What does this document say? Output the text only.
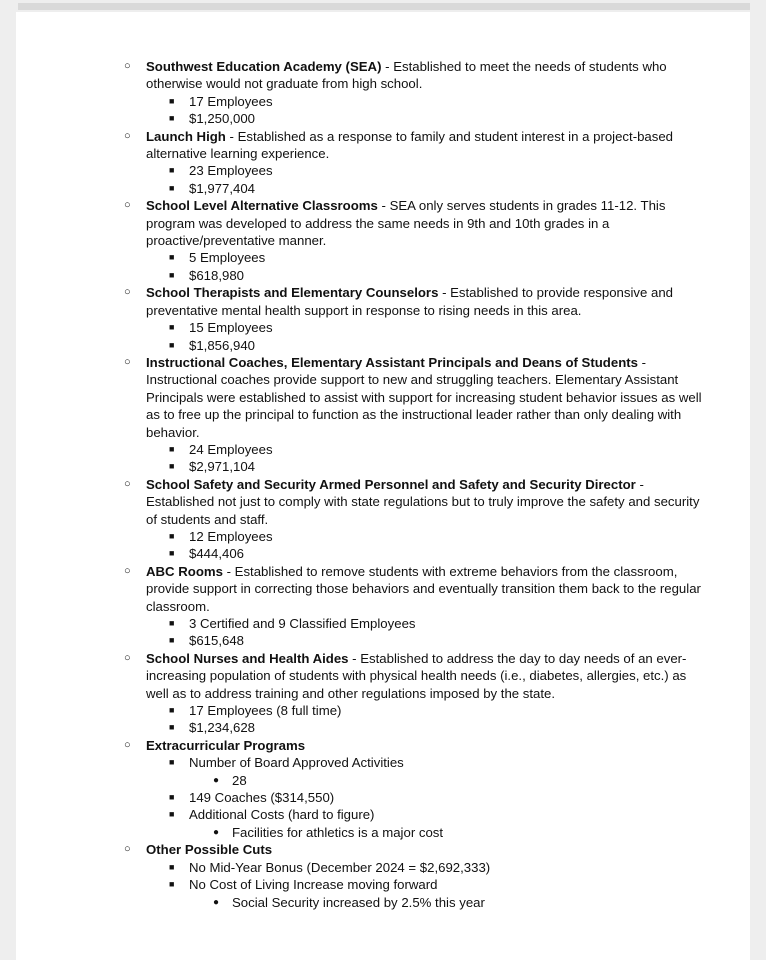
○	Southwest Education Academy (SEA) - Established to meet the needs of students who otherwise would not graduate from high school.
■ 17 Employees
■ $1,250,000
○	Launch High - Established as a response to family and student interest in a project-based alternative learning experience.
■ 23 Employees
■ $1,977,404
○	School Level Alternative Classrooms - SEA only serves students in grades 11-12. This program was developed to address the same needs in 9th and 10th grades in a proactive/preventative manner.
■ 5 Employees
■ $618,980
○	School Therapists and Elementary Counselors - Established to provide responsive and preventative mental health support in response to rising needs in this area.
■ 15 Employees
■ $1,856,940
○	Instructional Coaches, Elementary Assistant Principals and Deans of Students - Instructional coaches provide support to new and struggling teachers. Elementary Assistant Principals were established to assist with support for increasing student behavior issues as well as to free up the principal to function as the instructional leader rather than only dealing with behavior.
■ 24 Employees
■ $2,971,104
○	School Safety and Security Armed Personnel and Safety and Security Director - Established not just to comply with state regulations but to truly improve the safety and security of students and staff.
■ 12 Employees
■ $444,406
○	ABC Rooms - Established to remove students with extreme behaviors from the classroom, provide support in correcting those behaviors and eventually transition them back to the regular classroom.
■ 3 Certified and 9 Classified Employees
■ $615,648
○	School Nurses and Health Aides - Established to address the day to day needs of an ever-increasing population of students with physical health needs (i.e., diabetes, allergies, etc.) as well as to address training and other regulations imposed by the state.
■ 17 Employees (8 full time)
■ $1,234,628
○	Extracurricular Programs
■ Number of Board Approved Activities
● 28
■ 149 Coaches ($314,550)
■ Additional Costs (hard to figure)
● Facilities for athletics is a major cost
○	Other Possible Cuts
■ No Mid-Year Bonus (December 2024 = $2,692,333)
■ No Cost of Living Increase moving forward
● Social Security increased by 2.5% this year
